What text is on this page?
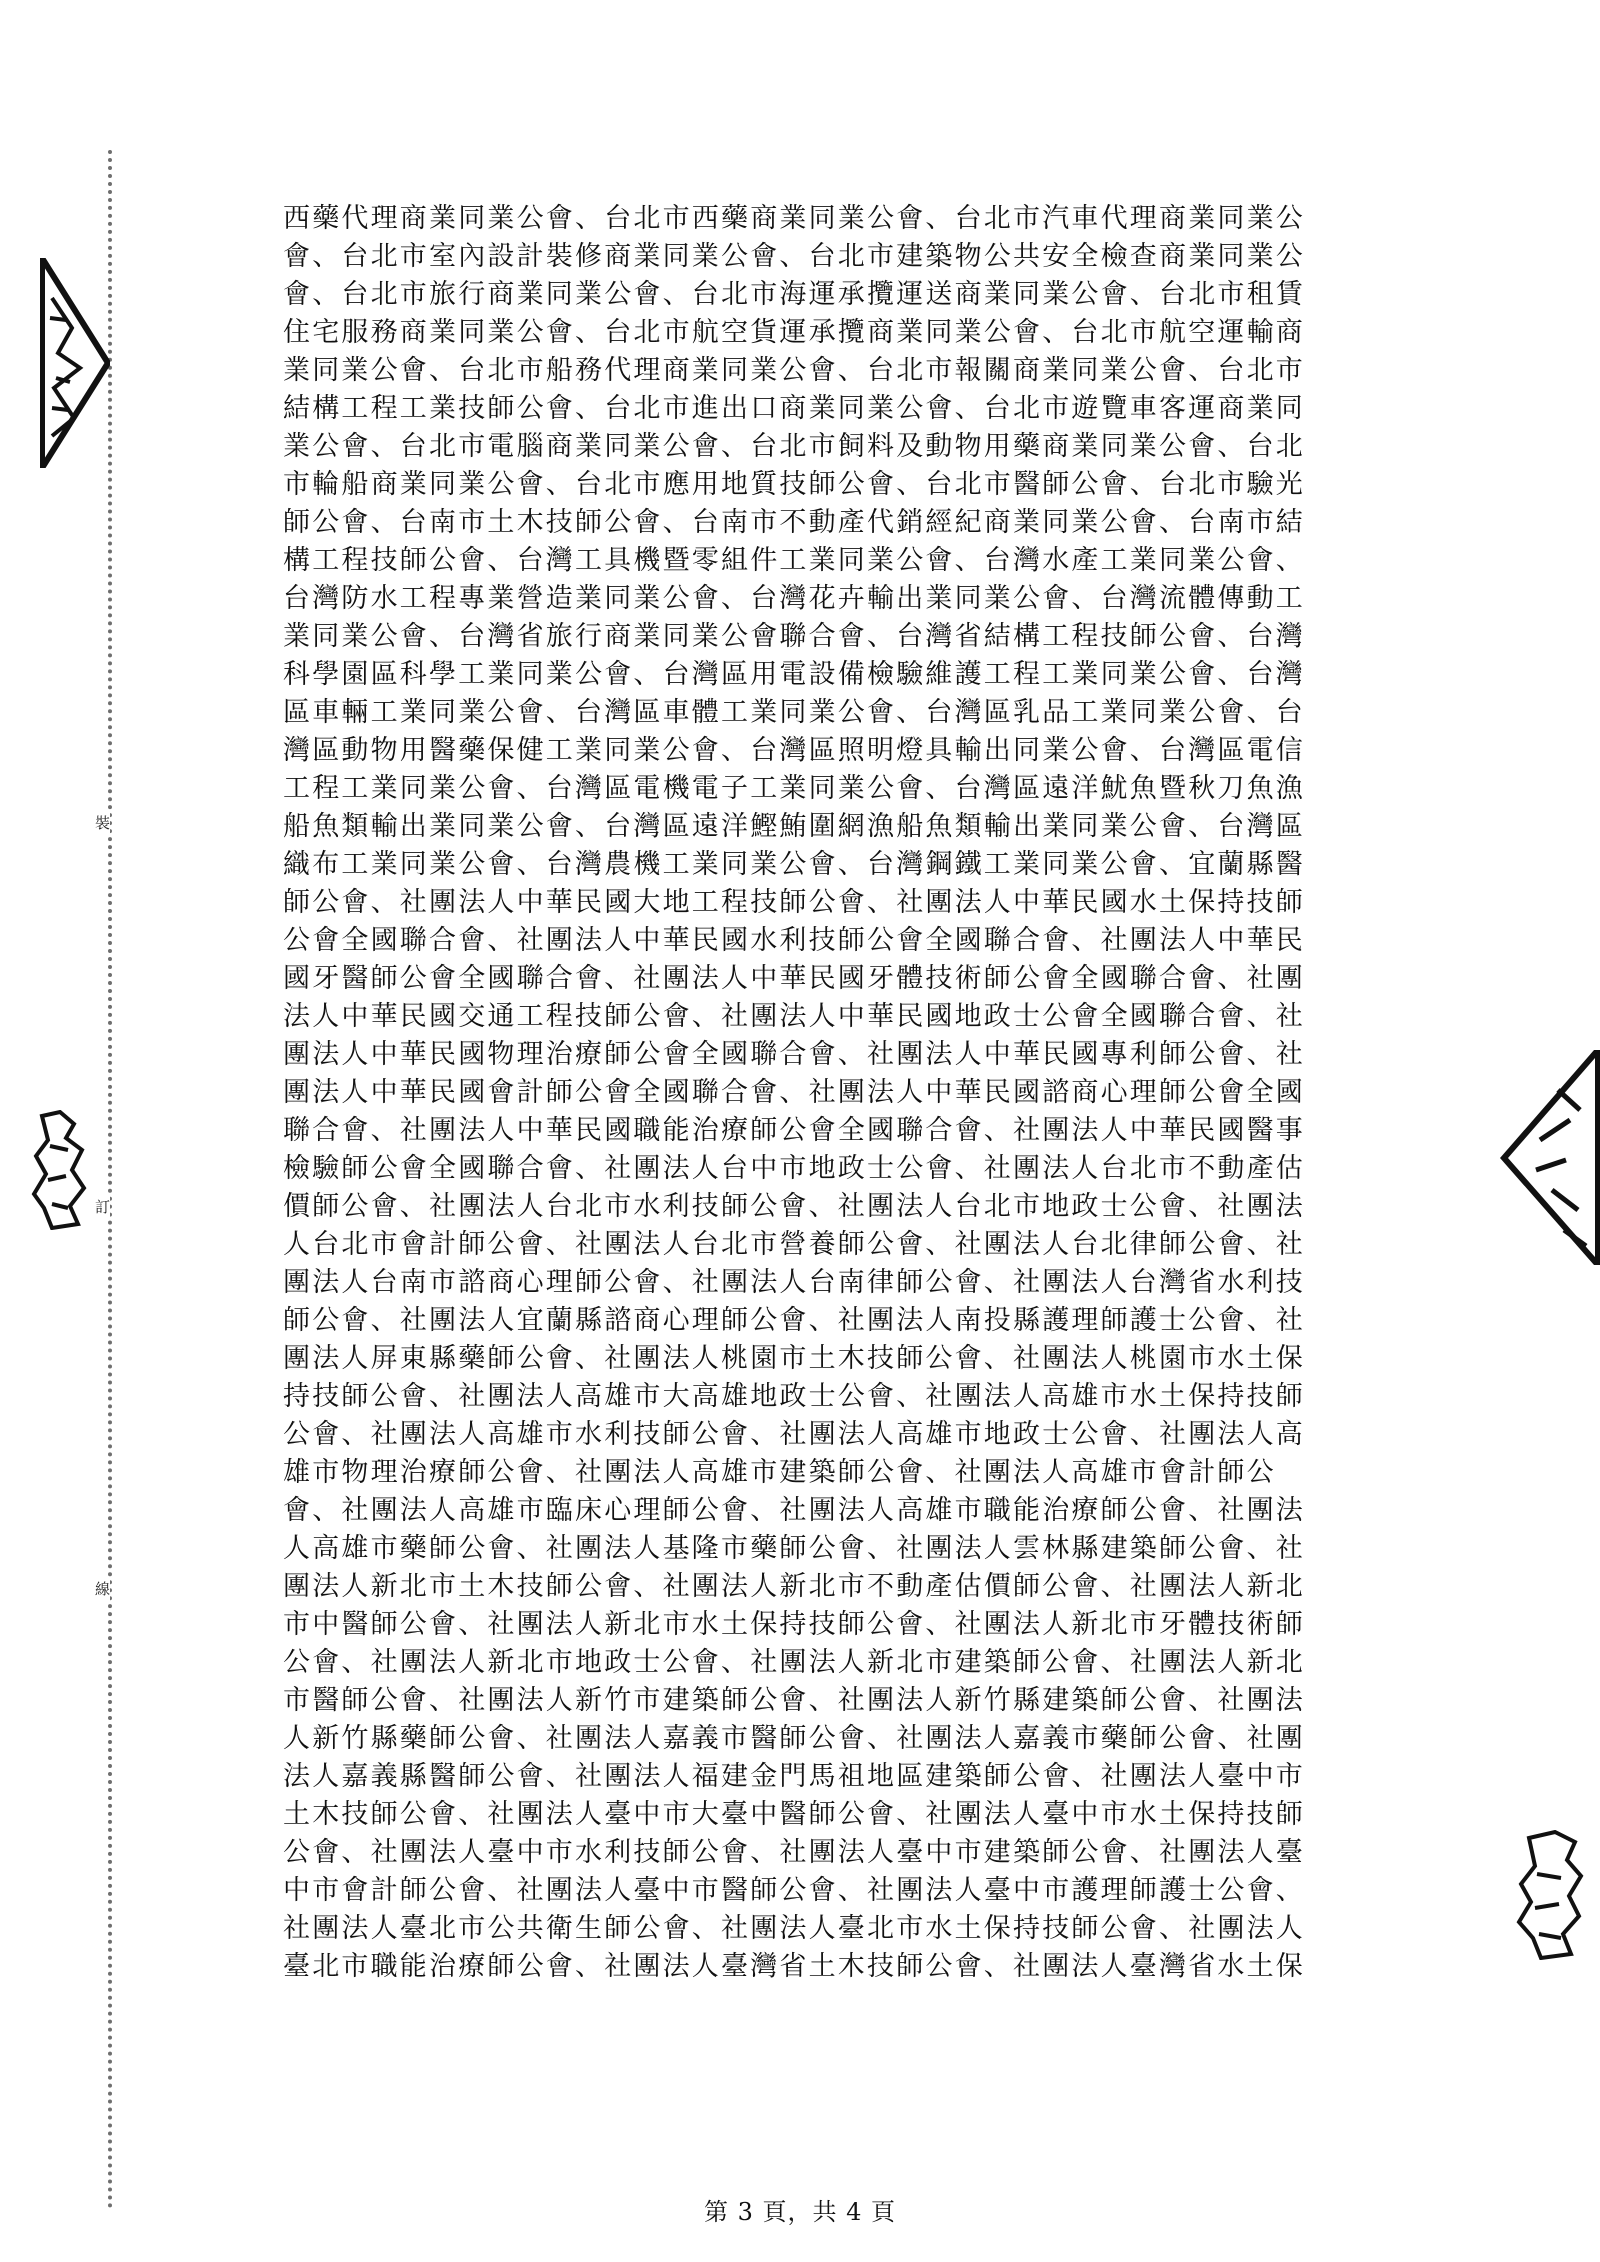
裝
訂
線

西藥代理商業同業公會、台北市西藥商業同業公會、台北市汽車代理商業同業公

會、台北市室內設計裝修商業同業公會、台北市建築物公共安全檢查商業同業公

會、台北市旅行商業同業公會、台北市海運承攬運送商業同業公會、台北市租賃

住宅服務商業同業公會、台北市航空貨運承攬商業同業公會、台北市航空運輸商

業同業公會、台北市船務代理商業同業公會、台北市報關商業同業公會、台北市

結構工程工業技師公會、台北市進出口商業同業公會、台北市遊覽車客運商業同

業公會、台北市電腦商業同業公會、台北市飼料及動物用藥商業同業公會、台北

市輪船商業同業公會、台北市應用地質技師公會、台北市醫師公會、台北市驗光

師公會、台南市土木技師公會、台南市不動產代銷經紀商業同業公會、台南市結

構工程技師公會、台灣工具機暨零組件工業同業公會、台灣水產工業同業公會、

台灣防水工程專業營造業同業公會、台灣花卉輸出業同業公會、台灣流體傳動工

業同業公會、台灣省旅行商業同業公會聯合會、台灣省結構工程技師公會、台灣

科學園區科學工業同業公會、台灣區用電設備檢驗維護工程工業同業公會、台灣

區車輛工業同業公會、台灣區車體工業同業公會、台灣區乳品工業同業公會、台

灣區動物用醫藥保健工業同業公會、台灣區照明燈具輸出同業公會、台灣區電信

工程工業同業公會、台灣區電機電子工業同業公會、台灣區遠洋魷魚暨秋刀魚漁

船魚類輸出業同業公會、台灣區遠洋鰹鮪圍網漁船魚類輸出業同業公會、台灣區

織布工業同業公會、台灣農機工業同業公會、台灣鋼鐵工業同業公會、宜蘭縣醫

師公會、社團法人中華民國大地工程技師公會、社團法人中華民國水土保持技師

公會全國聯合會、社團法人中華民國水利技師公會全國聯合會、社團法人中華民

國牙醫師公會全國聯合會、社團法人中華民國牙體技術師公會全國聯合會、社團

法人中華民國交通工程技師公會、社團法人中華民國地政士公會全國聯合會、社

團法人中華民國物理治療師公會全國聯合會、社團法人中華民國專利師公會、社

團法人中華民國會計師公會全國聯合會、社團法人中華民國諮商心理師公會全國

聯合會、社團法人中華民國職能治療師公會全國聯合會、社團法人中華民國醫事

檢驗師公會全國聯合會、社團法人台中市地政士公會、社團法人台北市不動產估

價師公會、社團法人台北市水利技師公會、社團法人台北市地政士公會、社團法

人台北市會計師公會、社團法人台北市營養師公會、社團法人台北律師公會、社

團法人台南市諮商心理師公會、社團法人台南律師公會、社團法人台灣省水利技

師公會、社團法人宜蘭縣諮商心理師公會、社團法人南投縣護理師護士公會、社

團法人屏東縣藥師公會、社團法人桃園市土木技師公會、社團法人桃園市水土保

持技師公會、社團法人高雄市大高雄地政士公會、社團法人高雄市水土保持技師

公會、社團法人高雄市水利技師公會、社團法人高雄市地政士公會、社團法人高

雄市物理治療師公會、社團法人高雄市建築師公會、社團法人高雄市會計師公

會、社團法人高雄市臨床心理師公會、社團法人高雄市職能治療師公會、社團法

人高雄市藥師公會、社團法人基隆市藥師公會、社團法人雲林縣建築師公會、社

團法人新北市土木技師公會、社團法人新北市不動產估價師公會、社團法人新北

市中醫師公會、社團法人新北市水土保持技師公會、社團法人新北市牙體技術師

公會、社團法人新北市地政士公會、社團法人新北市建築師公會、社團法人新北

市醫師公會、社團法人新竹市建築師公會、社團法人新竹縣建築師公會、社團法

人新竹縣藥師公會、社團法人嘉義市醫師公會、社團法人嘉義市藥師公會、社團

法人嘉義縣醫師公會、社團法人福建金門馬祖地區建築師公會、社團法人臺中市

土木技師公會、社團法人臺中市大臺中醫師公會、社團法人臺中市水土保持技師

公會、社團法人臺中市水利技師公會、社團法人臺中市建築師公會、社團法人臺

中市會計師公會、社團法人臺中市醫師公會、社團法人臺中市護理師護士公會、

社團法人臺北市公共衛生師公會、社團法人臺北市水土保持技師公會、社團法人

臺北市職能治療師公會、社團法人臺灣省土木技師公會、社團法人臺灣省水土保

第 3 頁，共 4 頁
